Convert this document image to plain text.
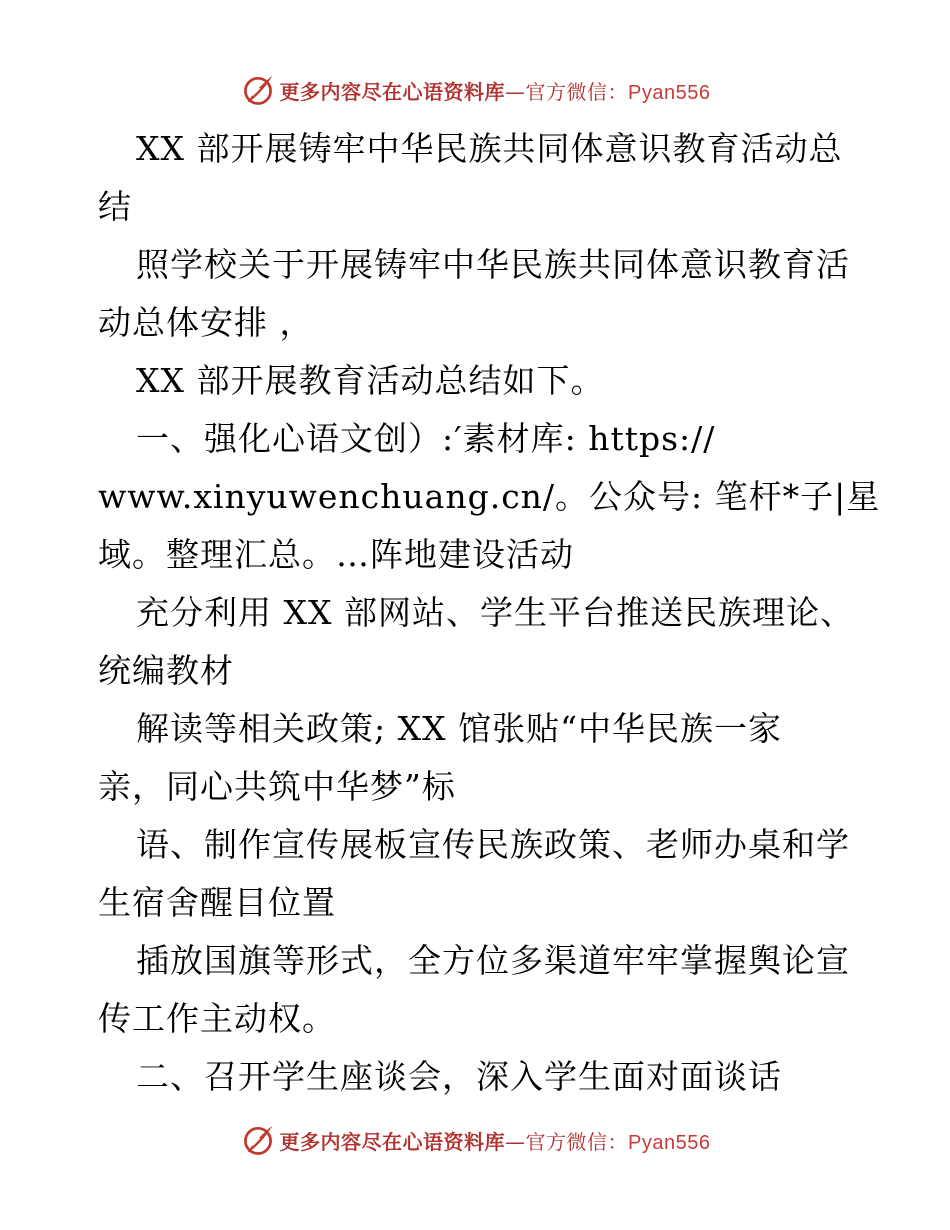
更多内容尽在心语资料库—官方微信：Pyan556
XX 部开展铸牢中华民族共同体意识教育活动总
结
照学校关于开展铸牢中华民族共同体意识教育活
动总体安排 ，
XX 部开展教育活动总结如下。
一、强化心语文创）:′素材库: https://
www.xinyuwenchuang.cn/。公众号: 笔杆*子|星
域。整理汇总。…阵地建设活动
充分利用 XX 部网站、学生平台推送民族理论、
统编教材
解读等相关政策; XX 馆张贴“中华民族一家
亲，同心共筑中华梦”标
语、制作宣传展板宣传民族政策、老师办桌和学
生宿舍醒目位置
插放国旗等形式，全方位多渠道牢牢掌握舆论宣
传工作主动权。
二、召开学生座谈会，深入学生面对面谈话
更多内容尽在心语资料库—官方微信：Pyan556
